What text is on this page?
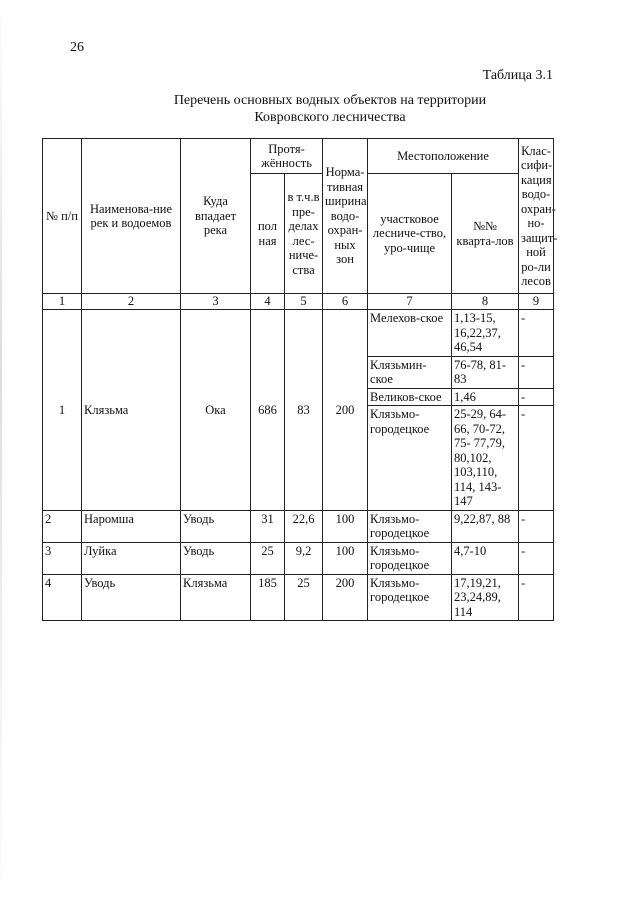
26
Таблица 3.1
Перечень основных водных объектов на территории
Ковровского лесничества
№ п/п	Наименова-ние рек и водоемов	Куда впадает река	Протя-жённость		Норма-тивная ширина водо-охран-ных зон	Местоположение		Клас-сифи-кация водо-охран-но-защит-ной ро-ли лесов
			пол ная	в т.ч.в пре-делах лес-ниче-ства		участковое лесниче-ство, уро-чище	№№ кварта-лов	

1	2	3	4	5	6	7	8	9
1	Клязьма	Ока	686	83	200	Мелехов-ское	1,13-15, 16,22,37, 46,54	-
						Клязьмин-ское	76-78, 81-83	-
						Великов-ское	1,46	-
						Клязьмо-городецкое	25-29, 64-66, 70-72, 75- 77,79, 80,102, 103,110, 114, 143-147	-
2	Наромша	Уводь	31	22,6	100	Клязьмо-городецкое	9,22,87, 88	-
3	Луйка	Уводь	25	9,2	100	Клязьмо-городецкое	4,7-10	-
4	Уводь	Клязьма	185	25	200	Клязьмо-городецкое	17,19,21, 23,24,89, 114	-
